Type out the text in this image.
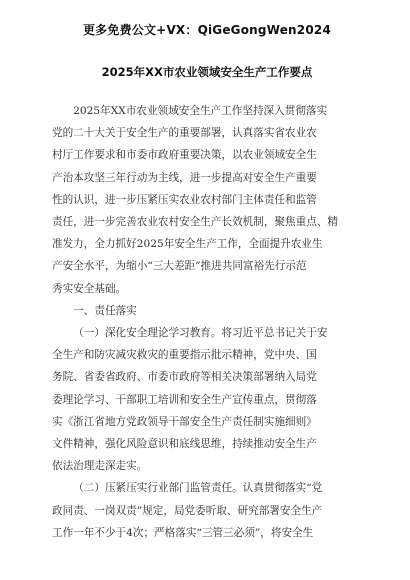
更多免费公文+VX：QiGeGongWen2024
2025年XX市农业领域安全生产工作要点
2025年XX市农业领域安全生产工作坚持深入贯彻落实
党的二十大关于安全生产的重要部署，认真落实省农业农
村厅工作要求和市委市政府重要决策，以农业领域安全生
产治本攻坚三年行动为主线，进一步提高对安全生产重要
性的认识，进一步压紧压实农业农村部门主体责任和监管
责任，进一步完善农业农村安全生产长效机制，聚焦重点、精
准发力，全力抓好2025年安全生产工作，全面提升农业生
产安全水平，为缩小“三大差距”推进共同富裕先行示范
秀实安全基础。
一、责任落实
（一）深化安全理论学习教育。将习近平总书记关于安
全生产和防灾减灾救灾的重要指示批示精神，党中央、国
务院、省委省政府、市委市政府等相关决策部署纳入局党
委理论学习、干部职工培训和安全生产宣传重点，贯彻落
实《浙江省地方党政领导干部安全生产责任制实施细则》
文件精神，强化风险意识和底线思维，持续推动安全生产
依法治理走深走实。
（二）压紧压实行业部门监管责任。认真贯彻落实“党
政同责、一岗双责”规定，局党委听取、研究部署安全生产
工作一年不少于4次；严格落实“三管三必须”，将安全生
